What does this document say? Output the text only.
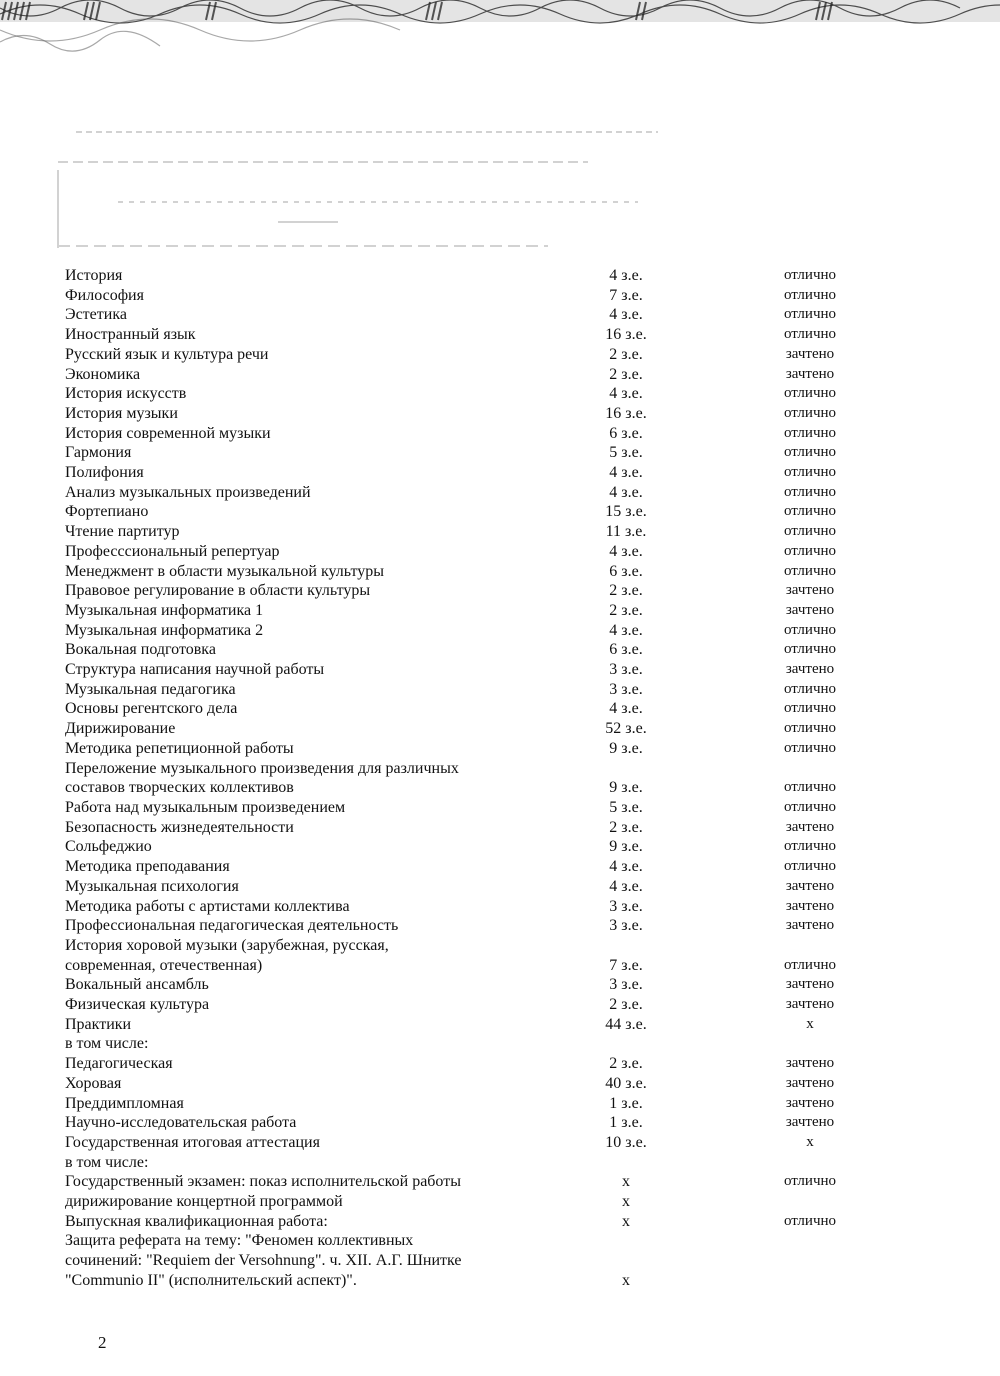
История	4 з.е.	отлично
Философия	7 з.е.	отлично
Эстетика	4 з.е.	отлично
Иностранный язык	16 з.е.	отлично
Русский язык и культура речи	2 з.е.	зачтено
Экономика	2 з.е.	зачтено
История искусств	4 з.е.	отлично
История музыки	16 з.е.	отлично
История современной музыки	6 з.е.	отлично
Гармония	5 з.е.	отлично
Полифония	4 з.е.	отлично
Анализ музыкальных произведений	4 з.е.	отлично
Фортепиано	15 з.е.	отлично
Чтение партитур	11 з.е.	отлично
Професссиональный репертуар	4 з.е.	отлично
Менеджмент в области музыкальной культуры	6 з.е.	отлично
Правовое регулирование в области культуры	2 з.е.	зачтено
Музыкальная информатика 1	2 з.е.	зачтено
Музыкальная информатика 2	4 з.е.	отлично
Вокальная подготовка	6 з.е.	отлично
Структура написания научной работы	3 з.е.	зачтено
Музыкальная педагогика	3 з.е.	отлично
Основы регентского дела	4 з.е.	отлично
Дирижирование	52 з.е.	отлично
Методика репетиционной работы	9 з.е.	отлично
Переложение музыкального произведения для различных
составов творческих коллективов	9 з.е.	отлично
Работа над музыкальным произведением	5 з.е.	отлично
Безопасность жизнедеятельности	2 з.е.	зачтено
Сольфеджио	9 з.е.	отлично
Методика преподавания	4 з.е.	отлично
Музыкальная психология	4 з.е.	зачтено
Методика работы с артистами коллектива	3 з.е.	зачтено
Профессиональная педагогическая деятельность	3 з.е.	зачтено
История хоровой музыки (зарубежная, русская,
современная, отечественная)	7 з.е.	отлично
Вокальный ансамбль	3 з.е.	зачтено
Физическая культура	2 з.е.	зачтено
Практики	44 з.е.	x
в том числе:
Педагогическая	2 з.е.	зачтено
Хоровая	40 з.е.	зачтено
Преддимпломная	1 з.е.	зачтено
Научно-исследовательская работа	1 з.е.	зачтено
Государственная итоговая аттестация	10 з.е.	x
в том числе:
Государственный экзамен: показ исполнительской работы	x	отлично
дирижирование концертной программой	x
Выпускная квалификационная работа:	x	отлично
Защита реферата на тему: "Феномен коллективных
сочинений: "Requiem der Versohnung". ч. XII. А.Г. Шнитке
"Communio II" (исполнительский аспект)".	x
2
